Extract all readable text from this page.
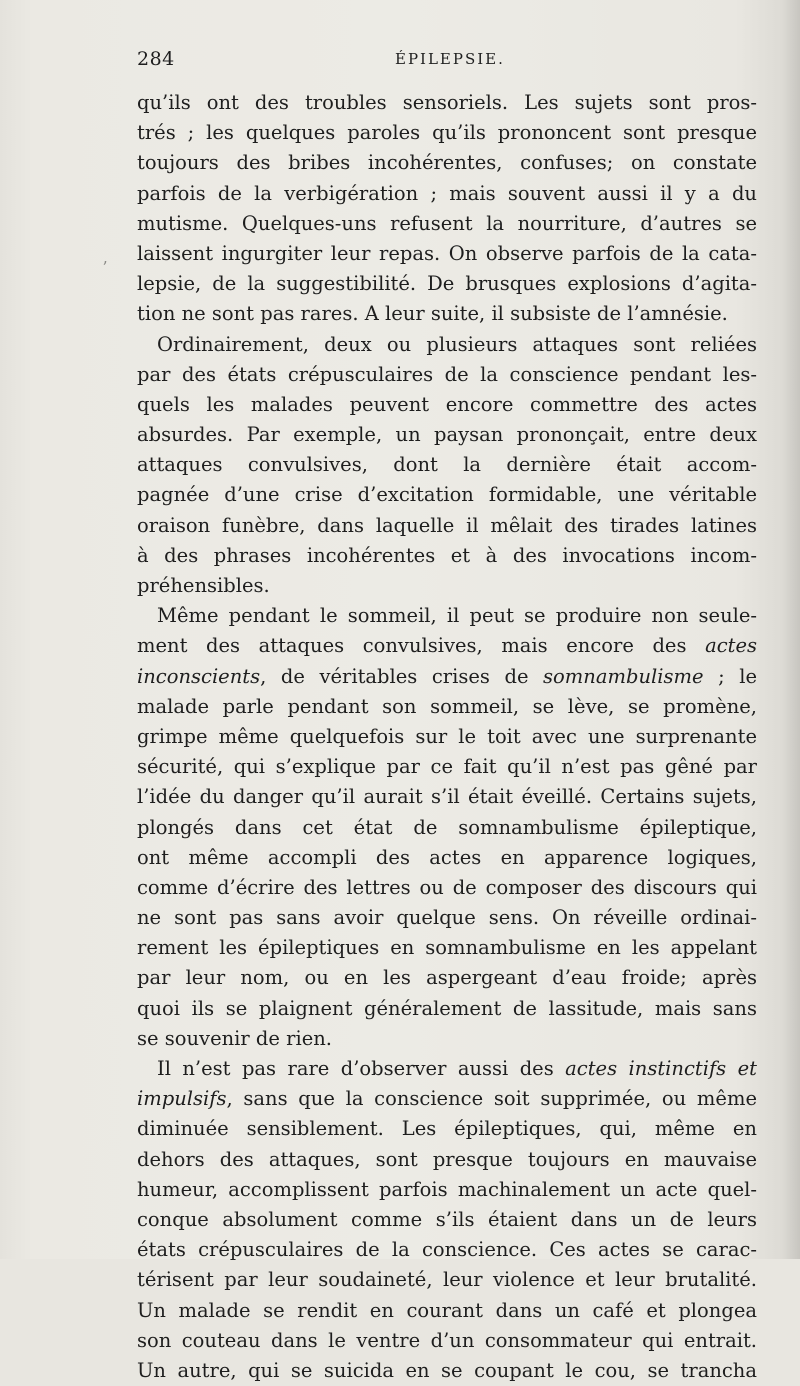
284	ÉPILEPSIE.
ʼ
qu’ils ont des troubles sensoriels. Les sujets sont pros-
trés ; les quelques paroles qu’ils prononcent sont presque
toujours des bribes incohérentes, confuses; on constate
parfois de la verbigération ; mais souvent aussi il y a du
mutisme. Quelques-uns refusent la nourriture, d’autres se
laissent ingurgiter leur repas. On observe parfois de la cata-
lepsie, de la suggestibilité. De brusques explosions d’agita-
tion ne sont pas rares. A leur suite, il subsiste de l’amnésie.
Ordinairement, deux ou plusieurs attaques sont reliées
par des états crépusculaires de la conscience pendant les-
quels les malades peuvent encore commettre des actes
absurdes. Par exemple, un paysan prononçait, entre deux
attaques convulsives, dont la dernière était accom-
pagnée d’une crise d’excitation formidable, une véritable
oraison funèbre, dans laquelle il mêlait des tirades latines
à des phrases incohérentes et à des invocations incom-
préhensibles.
Même pendant le sommeil, il peut se produire non seule-
ment des attaques convulsives, mais encore des actes
inconscients, de véritables crises de somnambulisme ; le
malade parle pendant son sommeil, se lève, se promène,
grimpe même quelquefois sur le toit avec une surprenante
sécurité, qui s’explique par ce fait qu’il n’est pas gêné par
l’idée du danger qu’il aurait s’il était éveillé. Certains sujets,
plongés dans cet état de somnambulisme épileptique,
ont même accompli des actes en apparence logiques,
comme d’écrire des lettres ou de composer des discours qui
ne sont pas sans avoir quelque sens. On réveille ordinai-
rement les épileptiques en somnambulisme en les appelant
par leur nom, ou en les aspergeant d’eau froide; après
quoi ils se plaignent généralement de lassitude, mais sans
se souvenir de rien.
Il n’est pas rare d’observer aussi des actes instinctifs et
impulsifs, sans que la conscience soit supprimée, ou même
diminuée sensiblement. Les épileptiques, qui, même en
dehors des attaques, sont presque toujours en mauvaise
humeur, accomplissent parfois machinalement un acte quel-
conque absolument comme s’ils étaient dans un de leurs
états crépusculaires de la conscience. Ces actes se carac-
térisent par leur soudaineté, leur violence et leur brutalité.
Un malade se rendit en courant dans un café et plongea
son couteau dans le ventre d’un consommateur qui entrait.
Un autre, qui se suicida en se coupant le cou, se trancha
